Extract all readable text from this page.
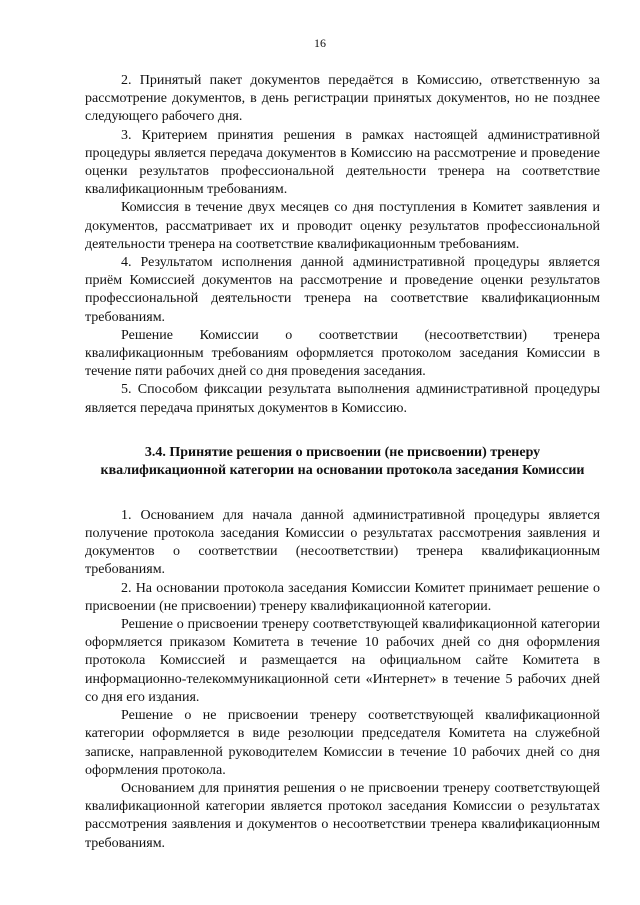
16

2. Принятый пакет документов передаётся в Комиссию, ответственную за рассмотрение документов, в день регистрации принятых документов, но не позднее следующего рабочего дня.

3. Критерием принятия решения в рамках настоящей административной процедуры является передача документов в Комиссию на рассмотрение и проведение оценки результатов профессиональной деятельности тренера на соответствие квалификационным требованиям.

Комиссия в течение двух месяцев со дня поступления в Комитет заявления и документов, рассматривает их и проводит оценку результатов профессиональной деятельности тренера на соответствие квалификационным требованиям.

4. Результатом исполнения данной административной процедуры является приём Комиссией документов на рассмотрение и проведение оценки результатов профессиональной деятельности тренера на соответствие квалификационным требованиям.

Решение Комиссии о соответствии (несоответствии) тренера квалификационным требованиям оформляется протоколом заседания Комиссии в течение пяти рабочих дней со дня проведения заседания.

5. Способом фиксации результата выполнения административной процедуры является передача принятых документов в Комиссию.

3.4. Принятие решения о присвоении (не присвоении) тренеру квалификационной категории на основании протокола заседания Комиссии

1. Основанием для начала данной административной процедуры является получение протокола заседания Комиссии о результатах рассмотрения заявления и документов о соответствии (несоответствии) тренера квалификационным требованиям.

2. На основании протокола заседания Комиссии Комитет принимает решение о присвоении (не присвоении) тренеру квалификационной категории.

Решение о присвоении тренеру соответствующей квалификационной категории оформляется приказом Комитета в течение 10 рабочих дней со дня оформления протокола Комиссией и размещается на официальном сайте Комитета в информационно-телекоммуникационной сети «Интернет» в течение 5 рабочих дней со дня его издания.

Решение о не присвоении тренеру соответствующей квалификационной категории оформляется в виде резолюции председателя Комитета на служебной записке, направленной руководителем Комиссии в течение 10 рабочих дней со дня оформления протокола.

Основанием для принятия решения о не присвоении тренеру соответствующей квалификационной категории является протокол заседания Комиссии о результатах рассмотрения заявления и документов о несоответствии тренера квалификационным требованиям.
